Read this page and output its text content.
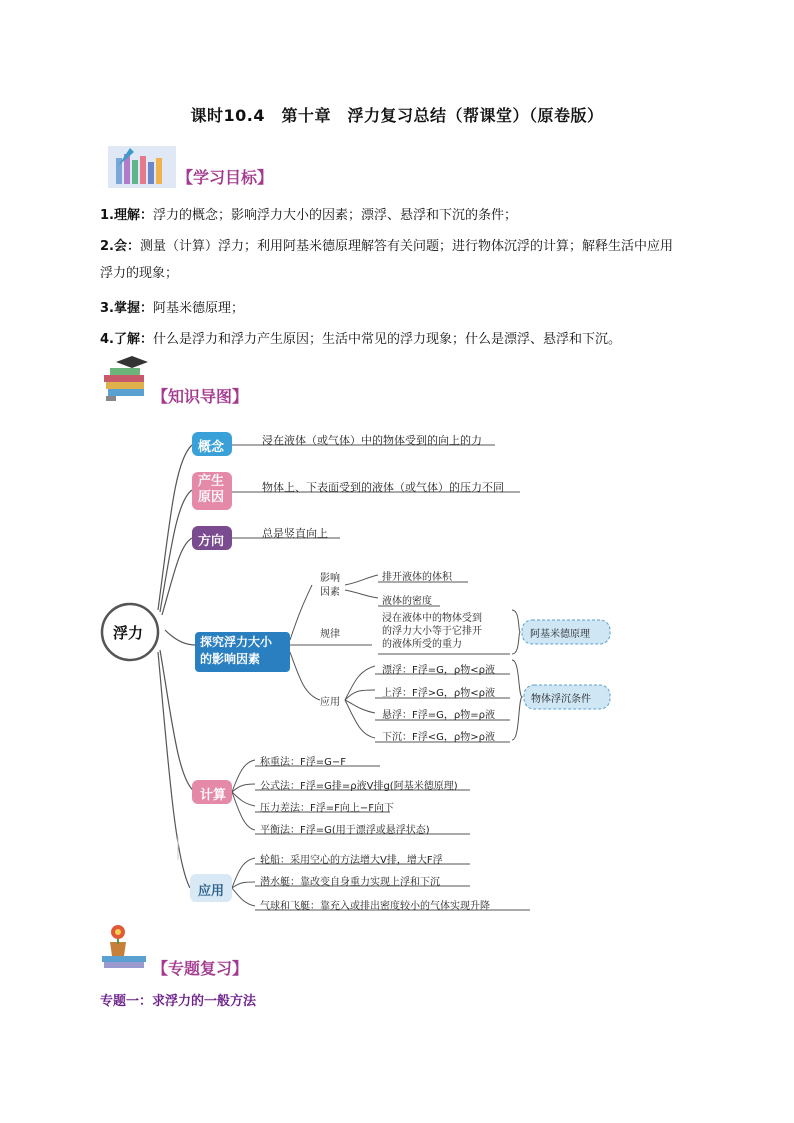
课时10.4　第十章　浮力复习总结（帮课堂）（原卷版）
【学习目标】
1.理解：浮力的概念；影响浮力大小的因素；漂浮、悬浮和下沉的条件；
2.会：测量（计算）浮力；利用阿基米德原理解答有关问题；进行物体沉浮的计算；解释生活中应用
浮力的现象；
3.掌握：阿基米德原理；
4.了解：什么是浮力和浮力产生原因；生活中常见的浮力现象；什么是漂浮、悬浮和下沉。
【知识导图】
浮力
概念	浸在液体（或气体）中的物体受到的向上的力
产生
原因
物体上、下表面受到的液体（或气体）的压力不同
方向
总是竖直向上
探究浮力大小
的影响因素
影响
因素
排开液体的体积
液体的密度
规律
浸在液体中的物体受到
的浮力大小等于它排开
的液体所受的重力
阿基米德原理
应用
漂浮：F浮=G，ρ物<ρ液
上浮：F浮>G，ρ物<ρ液
悬浮：F浮=G，ρ物=ρ液
下沉：F浮<G，ρ物>ρ液
物体浮沉条件
计算
称重法：F浮=G−F
公式法：F浮=G排=ρ液V排g(阿基米德原理)
压力差法：F浮=F向上−F向下
平衡法：F浮=G(用于漂浮或悬浮状态)
应用
轮船：采用空心的方法增大V排，增大F浮
潜水艇：靠改变自身重力实现上浮和下沉
气球和飞艇：靠充入或排出密度较小的气体实现升降
【专题复习】
专题一：求浮力的一般方法
